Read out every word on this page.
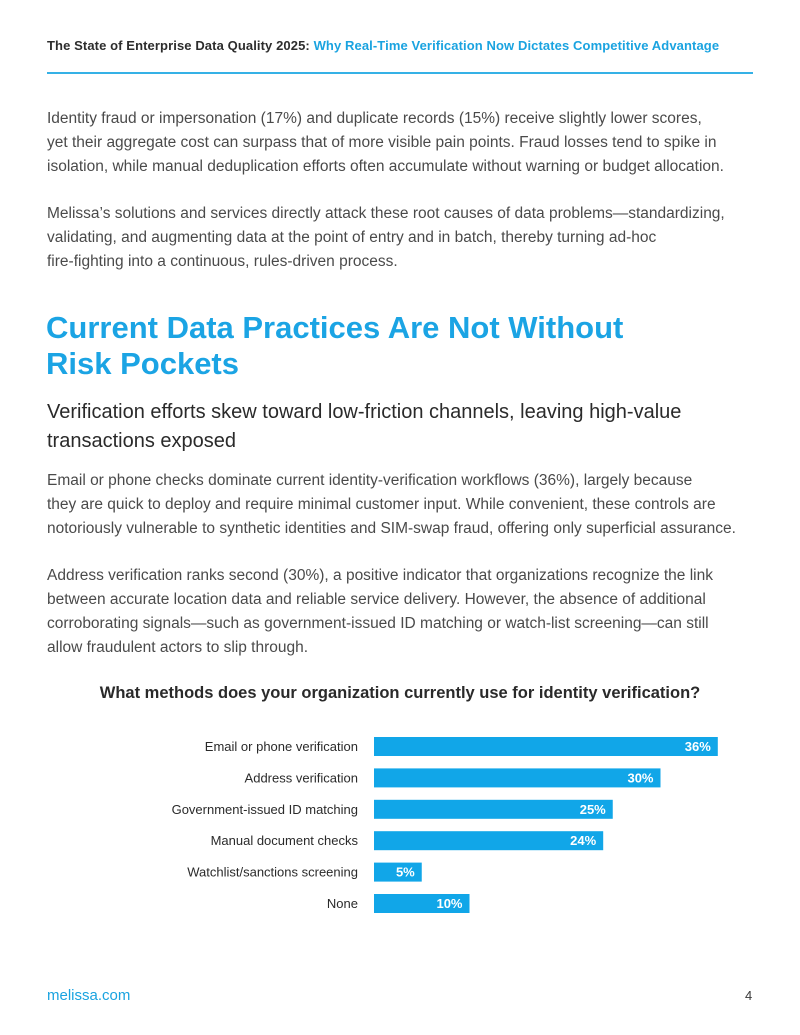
The State of Enterprise Data Quality 2025: Why Real-Time Verification Now Dictates Competitive Advantage

Identity fraud or impersonation (17%) and duplicate records (15%) receive slightly lower scores,
yet their aggregate cost can surpass that of more visible pain points. Fraud losses tend to spike in
isolation, while manual deduplication efforts often accumulate without warning or budget allocation.

Melissa’s solutions and services directly attack these root causes of data problems—standardizing,
validating, and augmenting data at the point of entry and in batch, thereby turning ad-hoc
fire-fighting into a continuous, rules-driven process.

Current Data Practices Are Not Without
Risk Pockets
Verification efforts skew toward low-friction channels, leaving high-value
transactions exposed

Email or phone checks dominate current identity-verification workflows (36%), largely because
they are quick to deploy and require minimal customer input. While convenient, these controls are
notoriously vulnerable to synthetic identities and SIM-swap fraud, offering only superficial assurance.

Address verification ranks second (30%), a positive indicator that organizations recognize the link
between accurate location data and reliable service delivery. However, the absence of additional
corroborating signals—such as government-issued ID matching or watch-list screening—can still
allow fraudulent actors to slip through.

What methods does your organization currently use for identity verification?
Email or phone verification	36%
Address verification	30%
Government-issued ID matching	25%
Manual document checks	24%
Watchlist/sanctions screening	5%
None	10%
melissa.com	4
